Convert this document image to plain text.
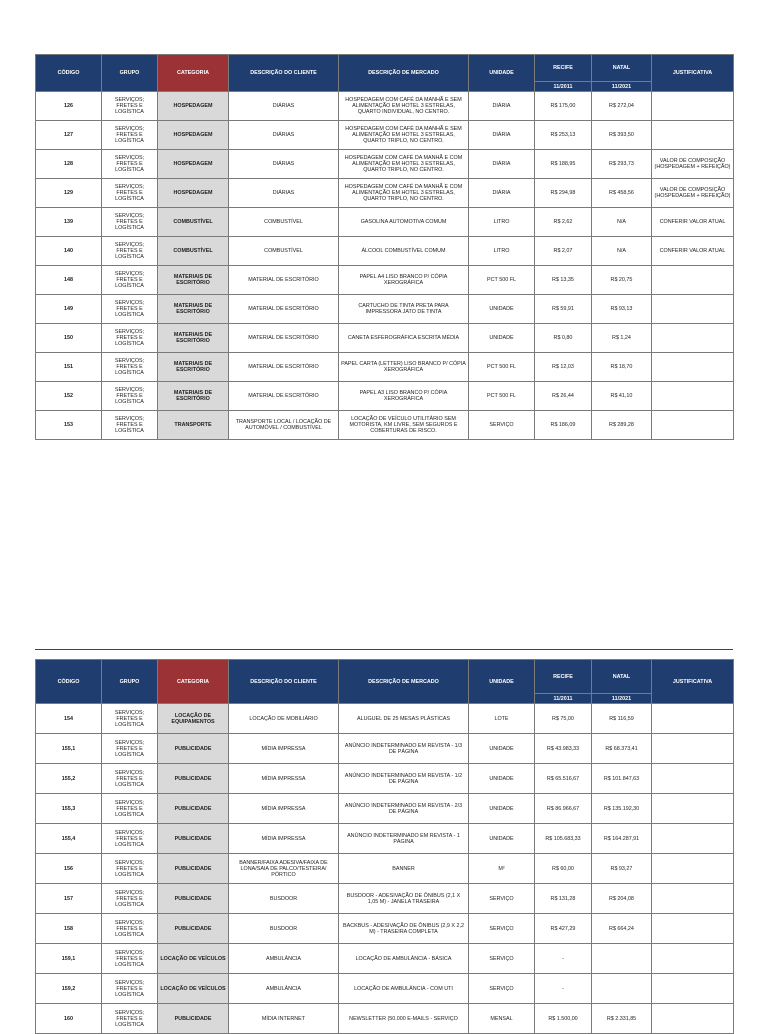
CÓDIGO	GRUPO	CATEGORIA	DESCRIÇÃO DO CLIENTE	DESCRIÇÃO DE MERCADO	UNIDADE	RECIFE	NATAL	JUSTIFICATIVA
						11/2011	11/2021	
126	SERVIÇOS; FRETES E LOGÍSTICA	HOSPEDAGEM	DIÁRIAS	HOSPEDAGEM COM CAFÉ DA MANHÃ E SEM ALIMENTAÇÃO EM HOTEL 3 ESTRELAS, QUARTO INDIVIDUAL, NO CENTRO.	DIÁRIA	R$ 175,00	R$ 272,04	
127	SERVIÇOS; FRETES E LOGÍSTICA	HOSPEDAGEM	DIÁRIAS	HOSPEDAGEM COM CAFÉ DA MANHÃ E SEM ALIMENTAÇÃO EM HOTEL 3 ESTRELAS, QUARTO TRIPLO, NO CENTRO.	DIÁRIA	R$ 253,13	R$ 393,50	
128	SERVIÇOS; FRETES E LOGÍSTICA	HOSPEDAGEM	DIÁRIAS	HOSPEDAGEM COM CAFÉ DA MANHÃ E COM ALIMENTAÇÃO EM HOTEL 3 ESTRELAS, QUARTO TRIPLO, NO CENTRO.	DIÁRIA	R$ 188,95	R$ 293,73	VALOR DE COMPOSIÇÃO (HOSPEDAGEM + REFEIÇÃO)
129	SERVIÇOS; FRETES E LOGÍSTICA	HOSPEDAGEM	DIÁRIAS	HOSPEDAGEM COM CAFÉ DA MANHÃ E COM ALIMENTAÇÃO EM HOTEL 3 ESTRELAS, QUARTO TRIPLO, NO CENTRO.	DIÁRIA	R$ 294,98	R$ 458,56	VALOR DE COMPOSIÇÃO (HOSPEDAGEM + REFEIÇÃO)
139	SERVIÇOS; FRETES E LOGÍSTICA	COMBUSTÍVEL	COMBUSTÍVEL	GASOLINA AUTOMOTIVA COMUM	LITRO	R$ 2,62	N/A	CONFERIR VALOR ATUAL
140	SERVIÇOS; FRETES E LOGÍSTICA	COMBUSTÍVEL	COMBUSTÍVEL	ÁLCOOL COMBUSTÍVEL COMUM	LITRO	R$ 2,07	N/A	CONFERIR VALOR ATUAL
148	SERVIÇOS; FRETES E LOGÍSTICA	MATERIAIS DE ESCRITÓRIO	MATERIAL DE ESCRITÓRIO	PAPEL A4 LISO BRANCO P/ CÓPIA XEROGRÁFICA	PCT 500 FL	R$ 13,35	R$ 20,75	
149	SERVIÇOS; FRETES E LOGÍSTICA	MATERIAIS DE ESCRITÓRIO	MATERIAL DE ESCRITÓRIO	CARTUCHO DE TINTA PRETA PARA IMPRESSORA JATO DE TINTA	UNIDADE	R$ 59,91	R$ 93,13	
150	SERVIÇOS; FRETES E LOGÍSTICA	MATERIAIS DE ESCRITÓRIO	MATERIAL DE ESCRITÓRIO	CANETA ESFEROGRÁFICA ESCRITA MÉDIA	UNIDADE	R$ 0,80	R$ 1,24	
151	SERVIÇOS; FRETES E LOGÍSTICA	MATERIAIS DE ESCRITÓRIO	MATERIAL DE ESCRITÓRIO	PAPEL CARTA (LETTER) LISO BRANCO P/ CÓPIA XEROGRÁFICA	PCT 500 FL	R$ 12,03	R$ 18,70	
152	SERVIÇOS; FRETES E LOGÍSTICA	MATERIAIS DE ESCRITÓRIO	MATERIAL DE ESCRITÓRIO	PAPEL A3 LISO BRANCO P/ CÓPIA XEROGRÁFICA	PCT 500 FL	R$ 26,44	R$ 41,10	
153	SERVIÇOS; FRETES E LOGÍSTICA	TRANSPORTE	TRANSPORTE LOCAL / LOCAÇÃO DE AUTOMÓVEL / COMBUSTÍVEL	LOCAÇÃO DE VEÍCULO UTILITÁRIO SEM MOTORISTA, KM LIVRE, SEM SEGUROS E COBERTURAS DE RISCO.	SERVIÇO	R$ 186,09	R$ 289,28	
CÓDIGO	GRUPO	CATEGORIA	DESCRIÇÃO DO CLIENTE	DESCRIÇÃO DE MERCADO	UNIDADE	RECIFE	NATAL	JUSTIFICATIVA
						11/2011	11/2021	
154	SERVIÇOS; FRETES E LOGÍSTICA	LOCAÇÃO DE EQUIPAMENTOS	LOCAÇÃO DE MOBILIÁRIO	ALUGUEL DE 25 MESAS PLÁSTICAS	LOTE	R$ 75,00	R$ 116,59	
155,1	SERVIÇOS; FRETES E LOGÍSTICA	PUBLICIDADE	MÍDIA IMPRESSA	ANÚNCIO INDETERMINADO EM REVISTA - 1/3 DE PÁGINA	UNIDADE	R$ 43.983,33	R$ 68.373,41	
155,2	SERVIÇOS; FRETES E LOGÍSTICA	PUBLICIDADE	MÍDIA IMPRESSA	ANÚNCIO INDETERMINADO EM REVISTA - 1/2 DE PÁGINA	UNIDADE	R$ 65.516,67	R$ 101.847,63	
155,3	SERVIÇOS; FRETES E LOGÍSTICA	PUBLICIDADE	MÍDIA IMPRESSA	ANÚNCIO INDETERMINADO EM REVISTA - 2/3 DE PÁGINA	UNIDADE	R$ 86.966,67	R$ 135.192,30	
155,4	SERVIÇOS; FRETES E LOGÍSTICA	PUBLICIDADE	MÍDIA IMPRESSA	ANÚNCIO INDETERMINADO EM REVISTA - 1 PÁGINA	UNIDADE	R$ 105.683,33	R$ 164.287,91	
156	SERVIÇOS; FRETES E LOGÍSTICA	PUBLICIDADE	BANNER/FAIXA ADESIVA/FAIXA DE LONA/SAIA DE PALCO/TESTEIRA/ PÓRTICO	BANNER	M²	R$ 60,00	R$ 93,27	
157	SERVIÇOS; FRETES E LOGÍSTICA	PUBLICIDADE	BUSDOOR	BUSDOOR - ADESIVAÇÃO DE ÔNIBUS (2,1 X 1,05 M) - JANELA TRASEIRA	SERVIÇO	R$ 131,28	R$ 204,08	
158	SERVIÇOS; FRETES E LOGÍSTICA	PUBLICIDADE	BUSDOOR	BACKBUS - ADESIVAÇÃO DE ÔNIBUS (2,9 X 2,2 M) - TRASEIRA COMPLETA	SERVIÇO	R$ 427,29	R$ 664,24	
159,1	SERVIÇOS; FRETES E LOGÍSTICA	LOCAÇÃO DE VEÍCULOS	AMBULÂNCIA	LOCAÇÃO DE AMBULÂNCIA - BÁSICA	SERVIÇO	-		
159,2	SERVIÇOS; FRETES E LOGÍSTICA	LOCAÇÃO DE VEÍCULOS	AMBULÂNCIA	LOCAÇÃO DE AMBULÂNCIA - COM UTI	SERVIÇO	-		
160	SERVIÇOS; FRETES E LOGÍSTICA	PUBLICIDADE	MÍDIA INTERNET	NEWSLETTER (50.000 E-MAILS - SERVIÇO	MENSAL	R$ 1.500,00	R$ 2.331,85	
